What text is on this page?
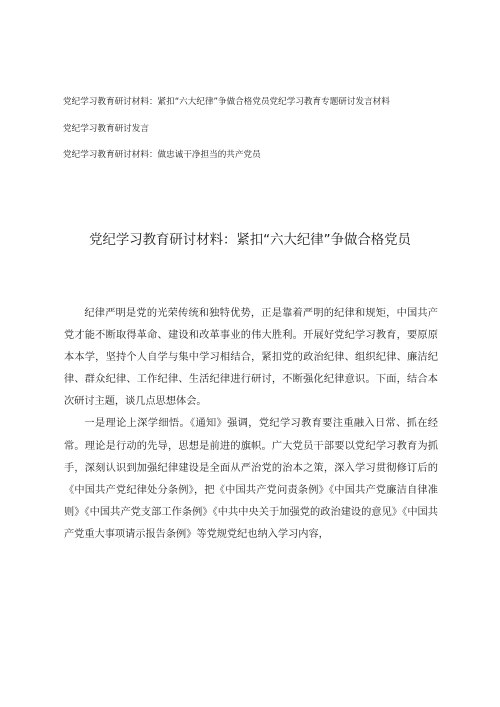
党纪学习教育研讨材料：紧扣“六大纪律”争做合格党员党纪学习教育专题研讨发言材料
党纪学习教育研讨发言
党纪学习教育研讨材料：做忠诚干净担当的共产党员
党纪学习教育研讨材料：紧扣“六大纪律”争做合格党员

纪律严明是党的光荣传统和独特优势，正是靠着严明的纪律和规矩，中国共产党才能不断取得革命、建设和改革事业的伟大胜利。开展好党纪学习教育，要原原本本学，坚持个人自学与集中学习相结合，紧扣党的政治纪律、组织纪律、廉洁纪律、群众纪律、工作纪律、生活纪律进行研讨，不断强化纪律意识。下面，结合本次研讨主题，谈几点思想体会。

一是理论上深学细悟。《通知》强调，党纪学习教育要注重融入日常、抓在经常。理论是行动的先导，思想是前进的旗帜。广大党员干部要以党纪学习教育为抓手，深刻认识到加强纪律建设是全面从严治党的治本之策，深入学习贯彻修订后的《中国共产党纪律处分条例》，把《中国共产党问责条例》《中国共产党廉洁自律准则》《中国共产党支部工作条例》《中共中央关于加强党的政治建设的意见》《中国共产党重大事项请示报告条例》等党规党纪也纳入学习内容，
